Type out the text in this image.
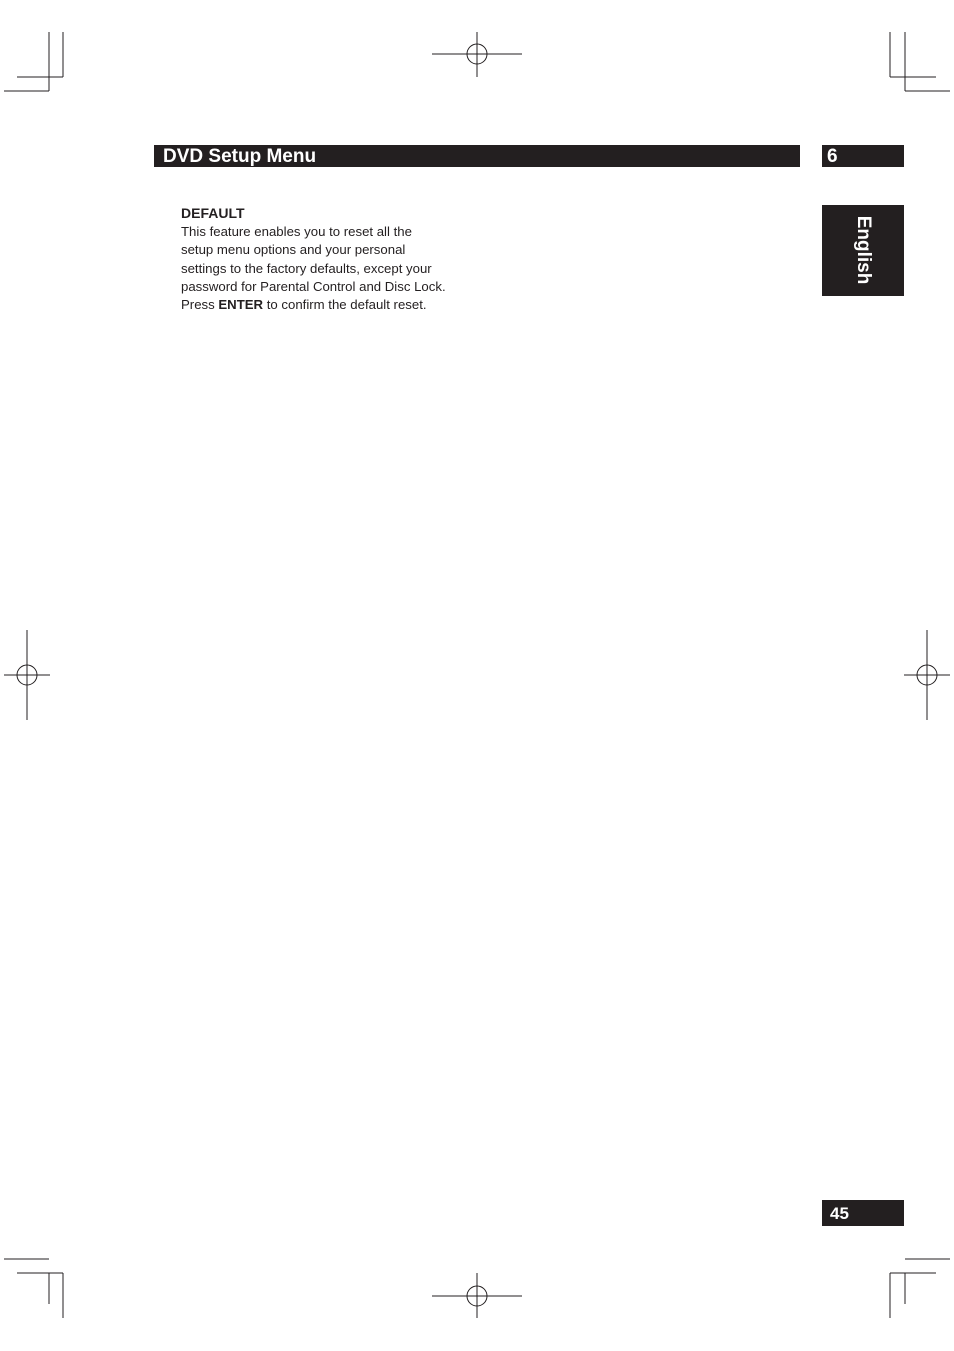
DVD Setup Menu	6
English

DEFAULT

This feature enables you to reset all the

setup menu options and your personal

settings to the factory defaults, except your

password for Parental Control and Disc Lock.

Press ENTER to confirm the default reset.

45
